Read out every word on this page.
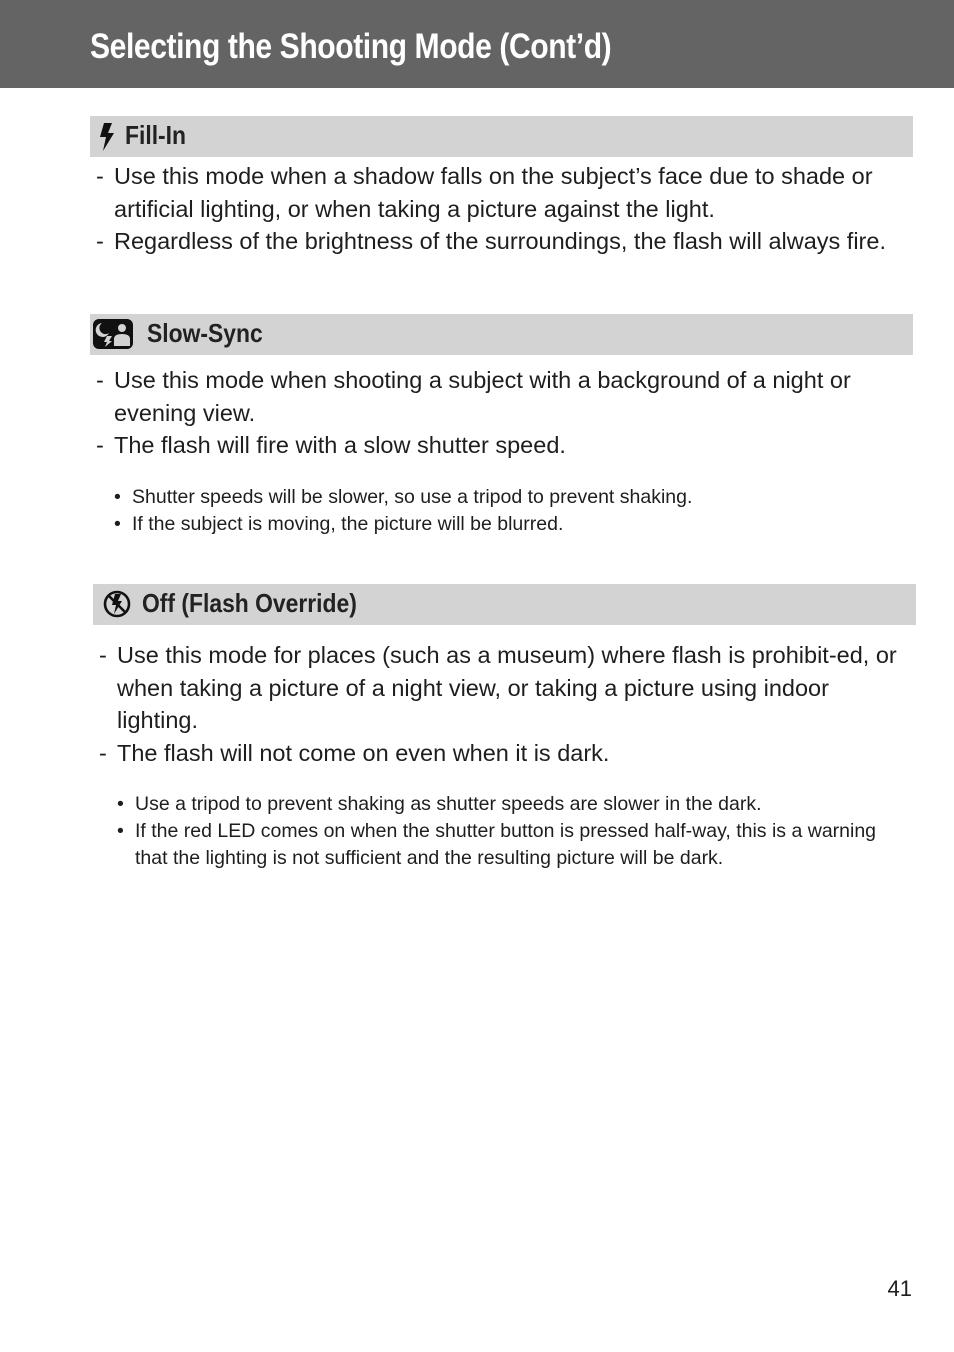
Selecting the Shooting Mode (Cont’d)
Fill-In
- Use this mode when a shadow falls on the subject’s face due to shade or artificial lighting, or when taking a picture against the light.
- Regardless of the brightness of the surroundings, the flash will always fire.
Slow-Sync
- Use this mode when shooting a subject with a background of a night or evening view.
- The flash will fire with a slow shutter speed.
• Shutter speeds will be slower, so use a tripod to prevent shaking.
• If the subject is moving, the picture will be blurred.
Off (Flash Override)
- Use this mode for places (such as a museum) where flash is prohibit-ed, or when taking a picture of a night view, or taking a picture using indoor lighting.
- The flash will not come on even when it is dark.
• Use a tripod to prevent shaking as shutter speeds are slower in the dark.
• If the red LED comes on when the shutter button is pressed half-way, this is a warning that the lighting is not sufficient and the resulting picture will be dark.
41
